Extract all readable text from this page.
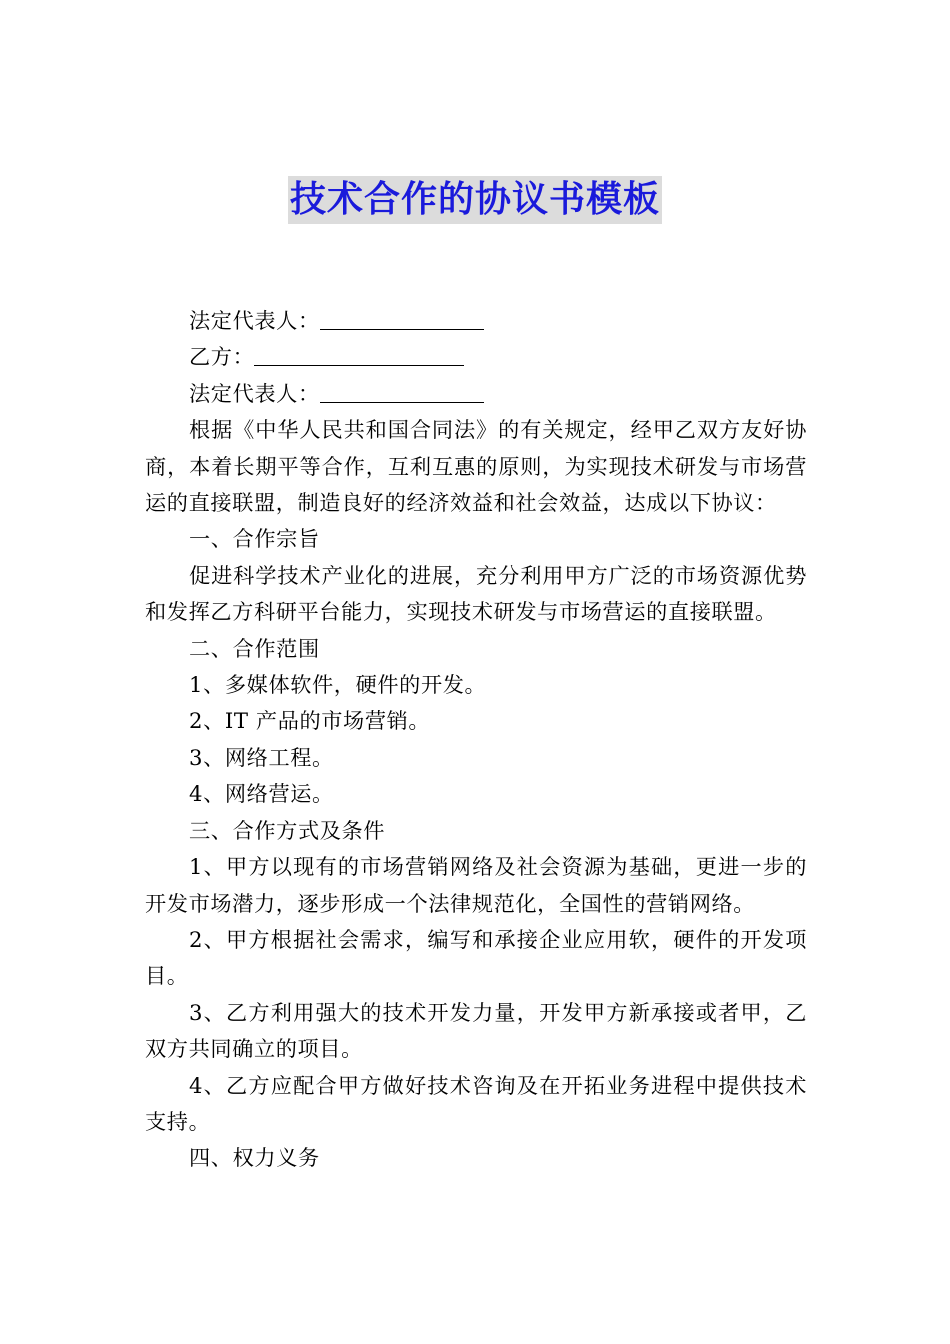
技术合作的协议书模板

法定代表人：

乙方：

法定代表人：

根据《中华人民共和国合同法》的有关规定，经甲乙双方友好协商，本着长期平等合作，互利互惠的原则，为实现技术研发与市场营运的直接联盟，制造良好的经济效益和社会效益，达成以下协议：

一、合作宗旨

促进科学技术产业化的进展，充分利用甲方广泛的市场资源优势和发挥乙方科研平台能力，实现技术研发与市场营运的直接联盟。

二、合作范围

1、多媒体软件，硬件的开发。

2、IT 产品的市场营销。

3、网络工程。

4、网络营运。

三、合作方式及条件

1、甲方以现有的市场营销网络及社会资源为基础，更进一步的开发市场潜力，逐步形成一个法律规范化，全国性的营销网络。

2、甲方根据社会需求，编写和承接企业应用软，硬件的开发项目。

3、乙方利用强大的技术开发力量，开发甲方新承接或者甲，乙双方共同确立的项目。

4、乙方应配合甲方做好技术咨询及在开拓业务进程中提供技术支持。

四、权力义务
